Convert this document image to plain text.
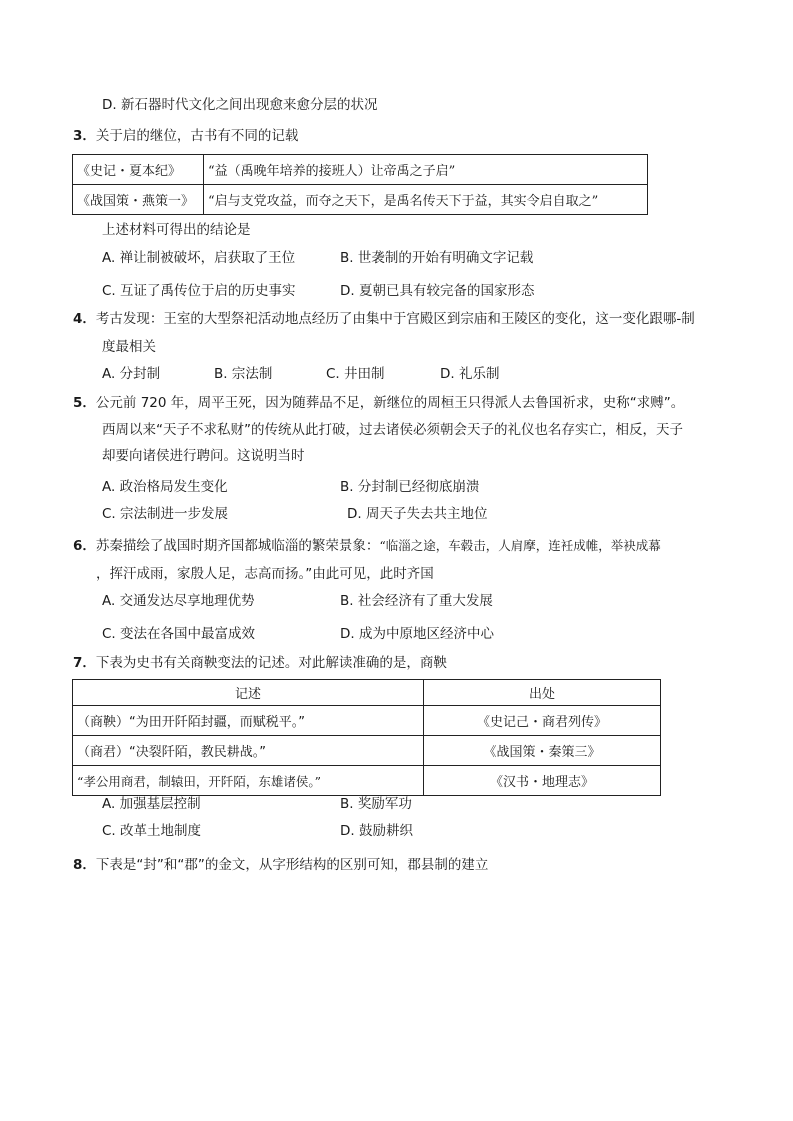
D. 新石器时代文化之间出现愈来愈分层的状况
3．关于启的继位，古书有不同的记载
《史记・夏本纪》	“益（禹晚年培养的接班人）让帝禹之子启”
《战国策・燕策一》	“启与支党攻益，而夺之天下，是禹名传天下于益，其实令启自取之”
上述材料可得出的结论是
A. 禅让制被破坏，启获取了王位	B. 世袭制的开始有明确文字记载
C. 互证了禹传位于启的历史事实	D. 夏朝已具有较完备的国家形态
4．考古发现：王室的大型祭祀活动地点经历了由集中于宫殿区到宗庙和王陵区的变化，这一变化跟哪-制
度最相关
A. 分封制	B. 宗法制	C. 井田制	D. 礼乐制
5．公元前 720 年，周平王死，因为随葬品不足，新继位的周桓王只得派人去鲁国祈求，史称“求赙”。
西周以来“天子不求私财”的传统从此打破，过去诸侯必须朝会天子的礼仪也名存实亡，相反，天子
却要向诸侯进行聘问。这说明当时
A. 政治格局发生变化	B. 分封制已经彻底崩溃
C. 宗法制进一步发展	D. 周天子失去共主地位
6．苏秦描绘了战国时期齐国都城临淄的繁荣景象：“临淄之途，车毂击，人肩摩，连衽成帷，举袂成幕
，挥汗成雨，家殷人足，志高而扬。”由此可见，此时齐国
A. 交通发达尽享地理优势	B. 社会经济有了重大发展
C. 变法在各国中最富成效	D. 成为中原地区经济中心
7．下表为史书有关商鞅变法的记述。对此解读准确的是，商鞅
记述	出处
（商鞅）“为田开阡陌封疆，而赋税平。”	《史记己・商君列传》
（商君）“决裂阡陌，教民耕战。”	《战国策・秦策三》
“孝公用商君，制辕田，开阡陌，东雄诸侯。”	《汉书・地理志》
A. 加强基层控制	B. 奖励军功
C. 改革土地制度	D. 鼓励耕织
8．下表是“封”和“郡”的金文，从字形结构的区别可知，郡县制的建立
